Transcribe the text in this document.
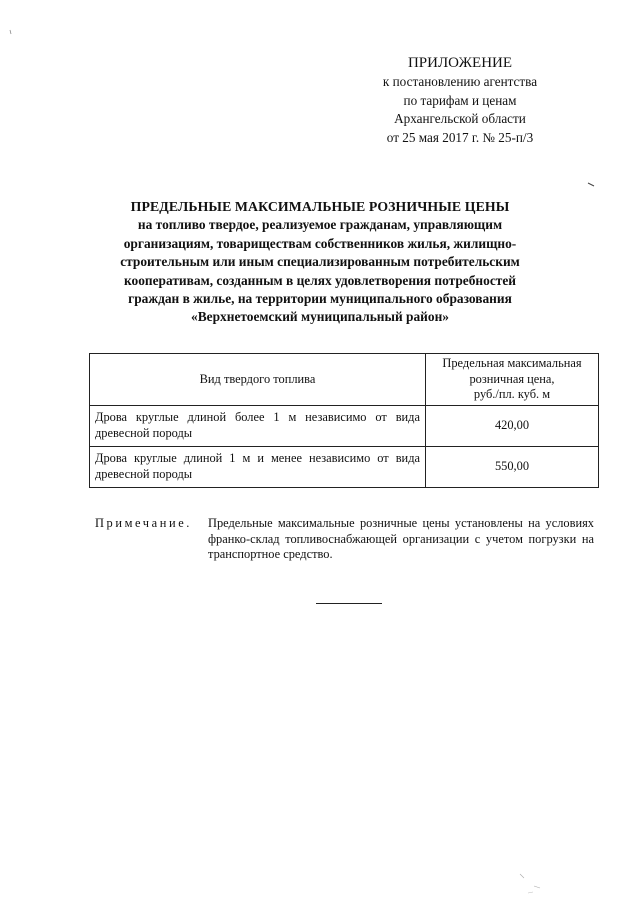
ПРИЛОЖЕНИЕ
к постановлению агентства
по тарифам и ценам
Архангельской области
от 25 мая 2017 г. № 25-п/3
ПРЕДЕЛЬНЫЕ МАКСИМАЛЬНЫЕ РОЗНИЧНЫЕ ЦЕНЫ
на топливо твердое, реализуемое гражданам, управляющим
организациям, товариществам собственников жилья, жилищно-
строительным или иным специализированным потребительским
кооперативам, созданным в целях удовлетворения потребностей
граждан в жилье, на территории муниципального образования
«Верхнетоемский муниципальный район»
Вид твердого топлива	Предельная максимальная
розничная цена,
руб./пл. куб. м

Дрова круглые длиной более 1 м независимо от вида древесной породы	420,00
Дрова круглые длиной 1 м и менее независимо от вида древесной породы	550,00
Примечание. Предельные максимальные розничные цены установлены на условиях франко-склад топливоснабжающей организации с учетом погрузки на транспортное средство.
